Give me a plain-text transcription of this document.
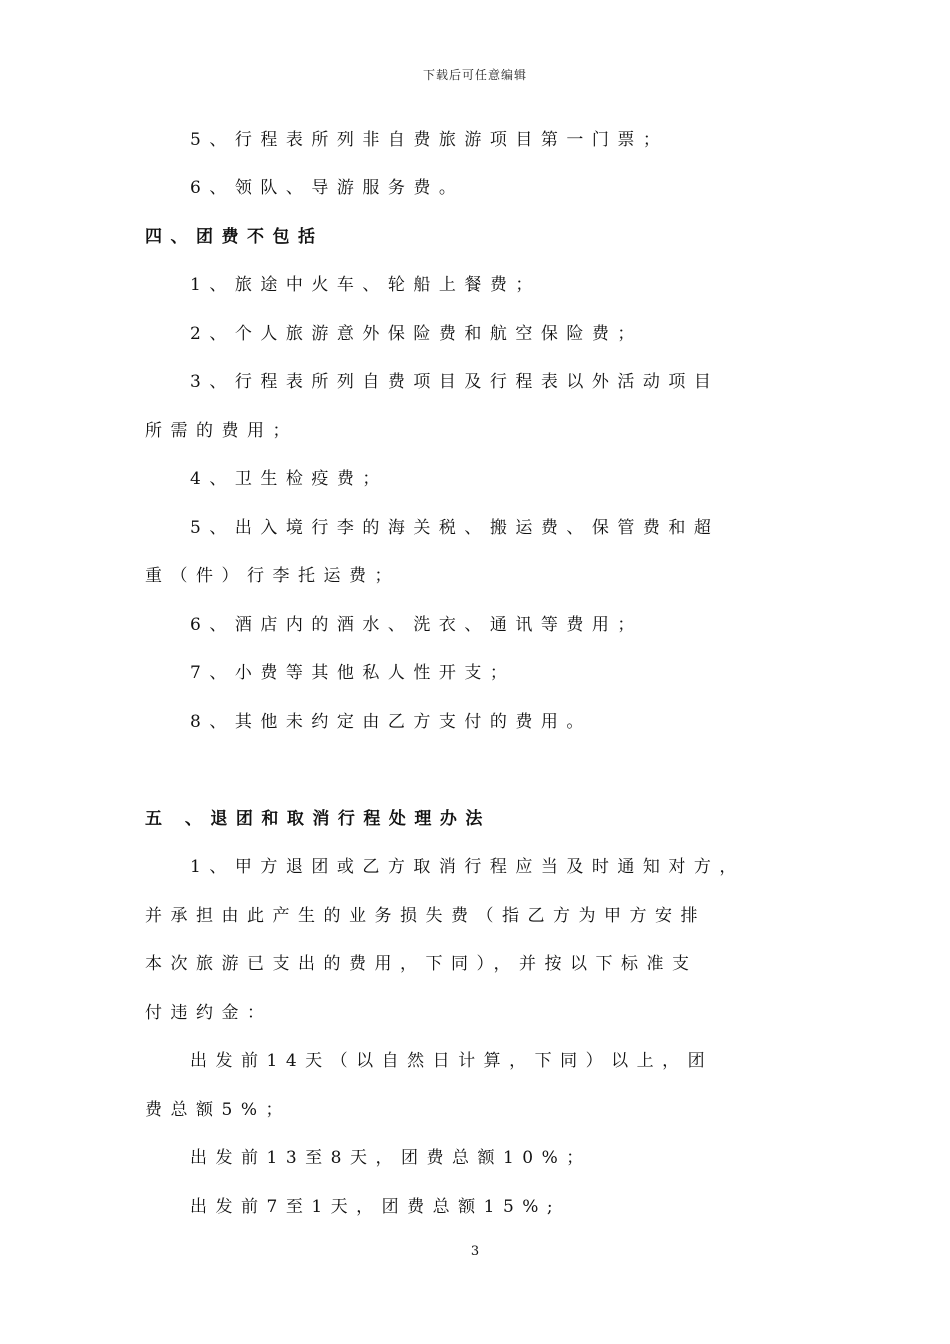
下载后可任意编辑
5、行程表所列非自费旅游项目第一门票；
6、领队、导游服务费。
四、团费不包括
1、旅途中火车、轮船上餐费；
2、个人旅游意外保险费和航空保险费；
3、行程表所列自费项目及行程表以外活动项目
所需的费用；
4、卫生检疫费；
5、出入境行李的海关税、搬运费、保管费和超
重（件）行李托运费；
6、酒店内的酒水、洗衣、通讯等费用；
7、小费等其他私人性开支；
8、其他未约定由乙方支付的费用。
五 、退团和取消行程处理办法
1、甲方退团或乙方取消行程应当及时通知对方，
并承担由此产生的业务损失费（指乙方为甲方安排
本次旅游已支出的费用，下同），并按以下标准支
付违约金：
出发前14天（以自然日计算，下同）以上，团
费总额5%；
出发前13至8天，团费总额10%；
出发前7至1天，团费总额15%;
3
